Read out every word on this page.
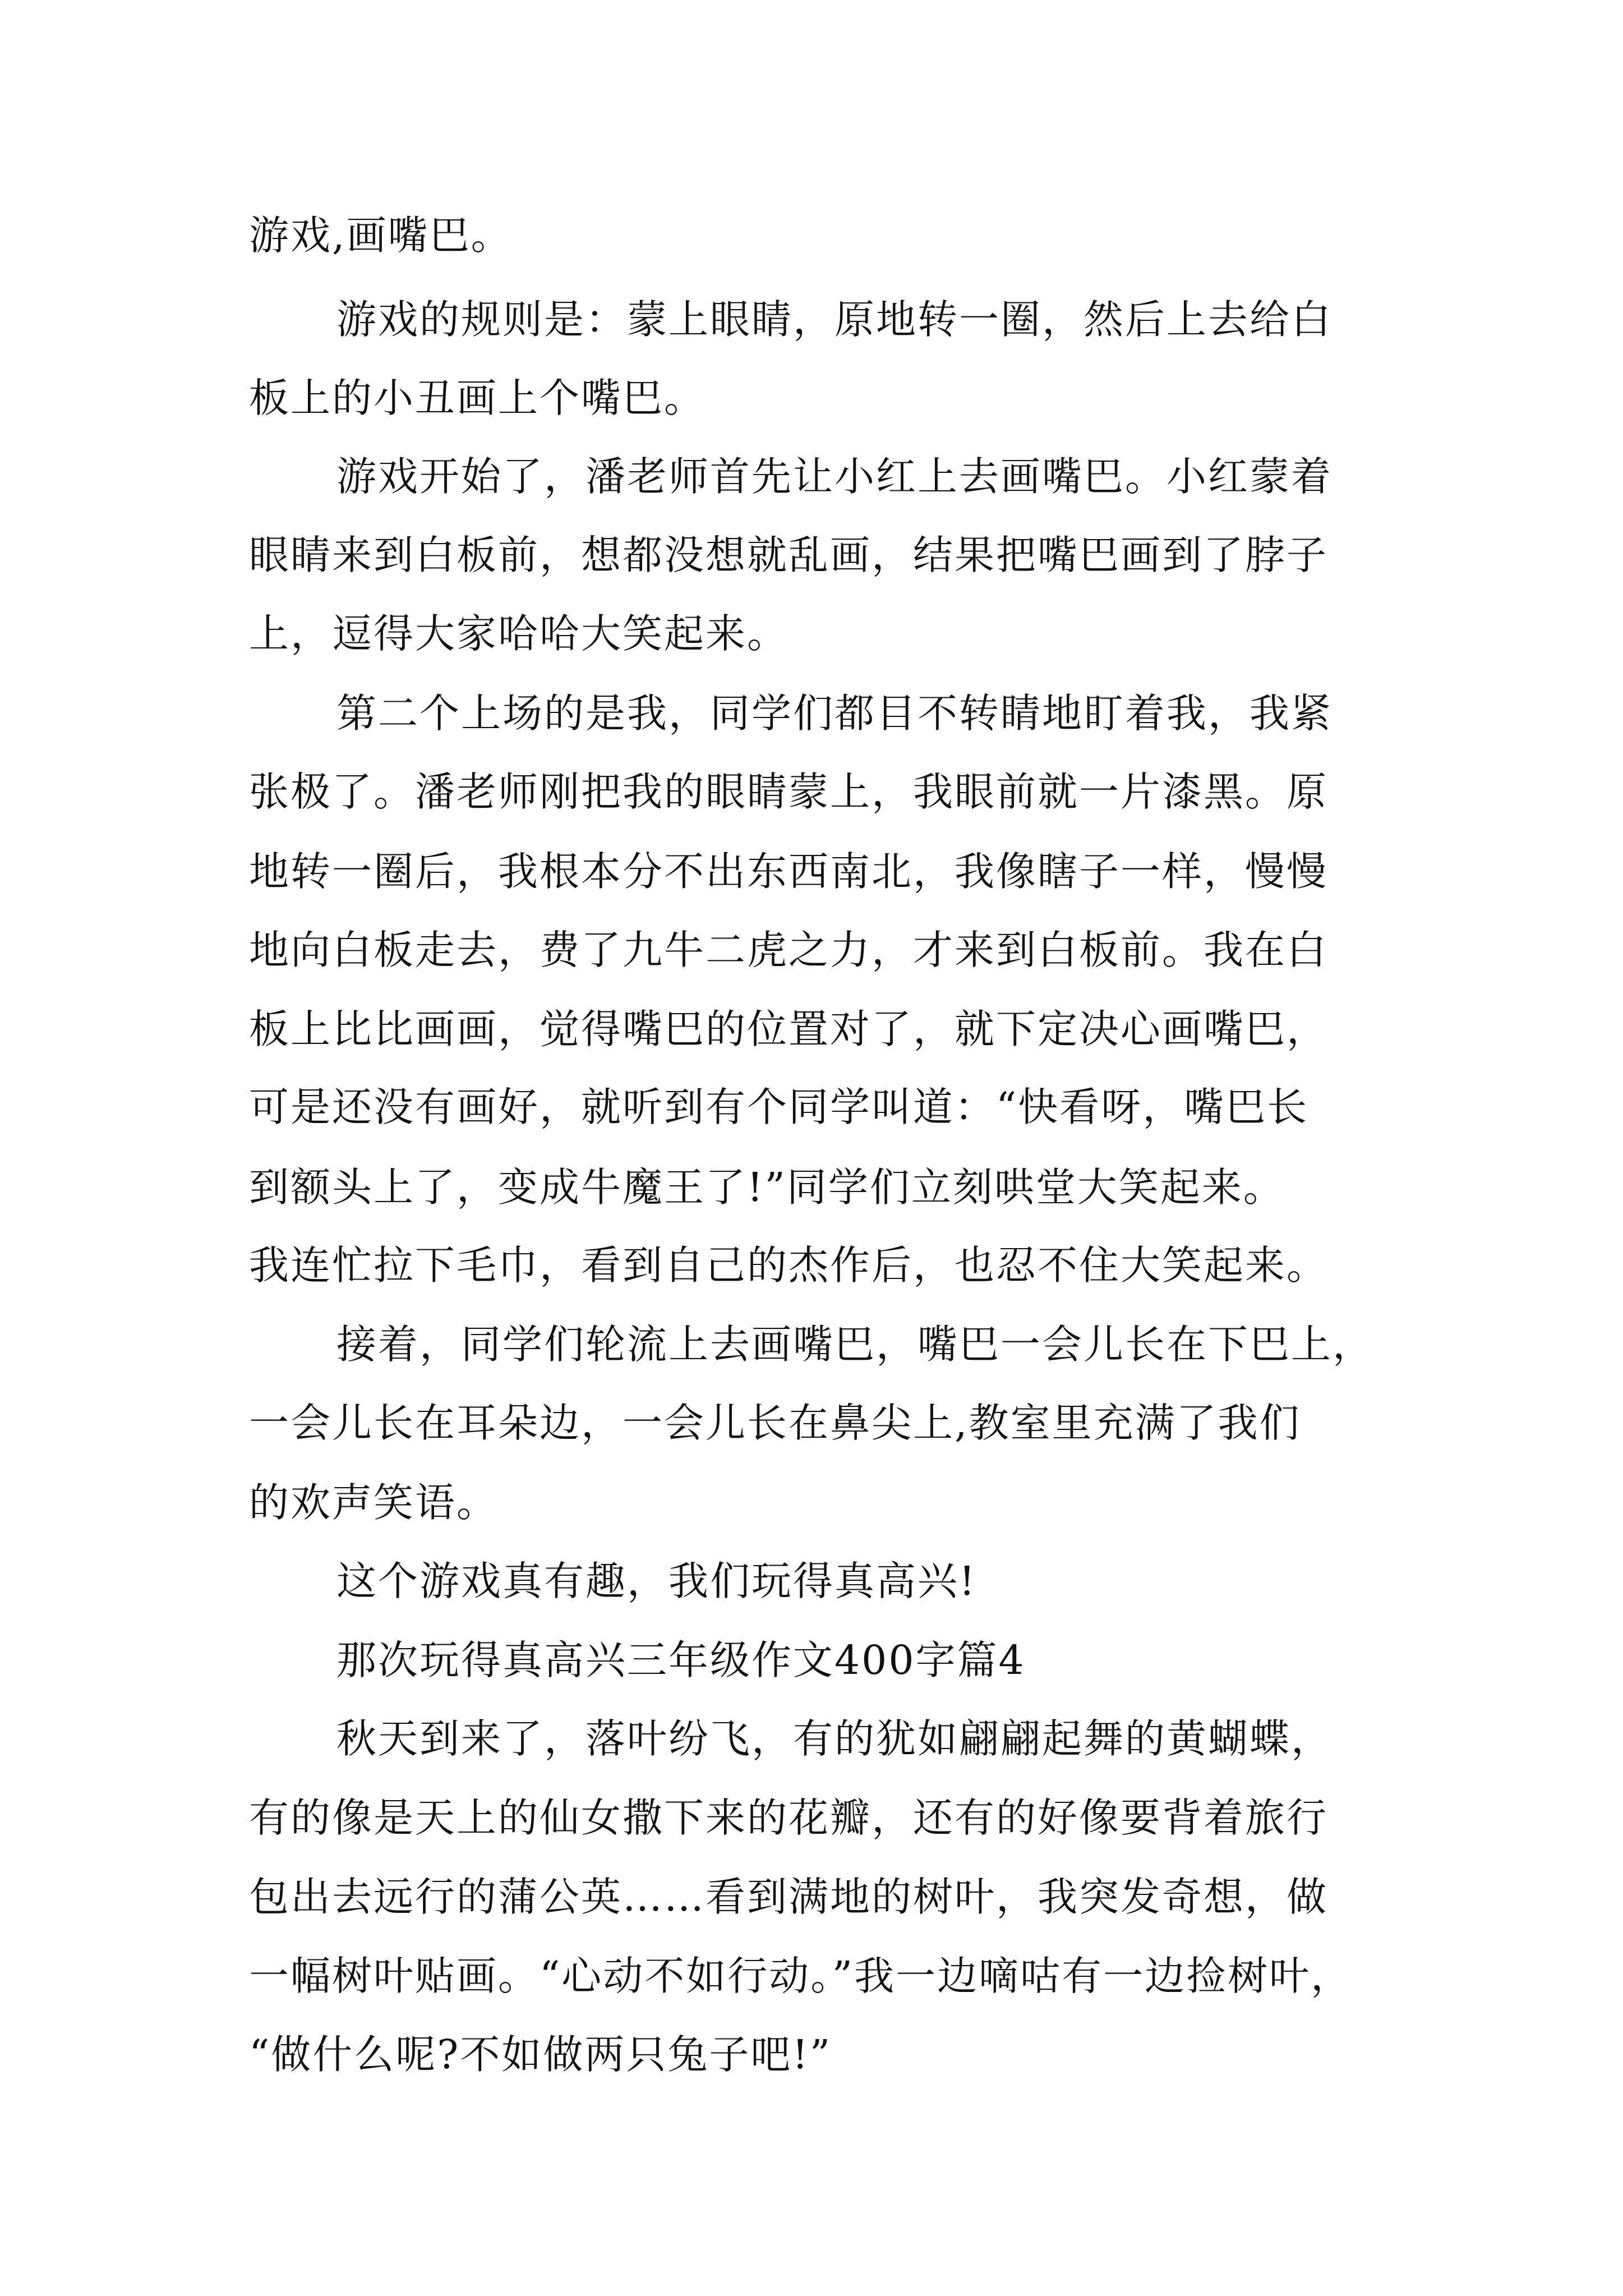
游戏,画嘴巴。
游戏的规则是：蒙上眼睛，原地转一圈，然后上去给白
板上的小丑画上个嘴巴。
游戏开始了，潘老师首先让小红上去画嘴巴。小红蒙着
眼睛来到白板前，想都没想就乱画，结果把嘴巴画到了脖子
上，逗得大家哈哈大笑起来。
第二个上场的是我，同学们都目不转睛地盯着我，我紧
张极了。潘老师刚把我的眼睛蒙上，我眼前就一片漆黑。原
地转一圈后，我根本分不出东西南北，我像瞎子一样，慢慢
地向白板走去，费了九牛二虎之力，才来到白板前。我在白
板上比比画画，觉得嘴巴的位置对了，就下定决心画嘴巴，
可是还没有画好，就听到有个同学叫道：“快看呀，嘴巴长
到额头上了，变成牛魔王了!”同学们立刻哄堂大笑起来。
我连忙拉下毛巾，看到自己的杰作后，也忍不住大笑起来。
接着，同学们轮流上去画嘴巴，嘴巴一会儿长在下巴上，
一会儿长在耳朵边，一会儿长在鼻尖上,教室里充满了我们
的欢声笑语。
这个游戏真有趣，我们玩得真高兴!
那次玩得真高兴三年级作文400字篇4
秋天到来了，落叶纷飞，有的犹如翩翩起舞的黄蝴蝶，
有的像是天上的仙女撒下来的花瓣，还有的好像要背着旅行
包出去远行的蒲公英……看到满地的树叶，我突发奇想，做
一幅树叶贴画。“心动不如行动。”我一边嘀咕有一边捡树叶，
“做什么呢?不如做两只兔子吧!”
